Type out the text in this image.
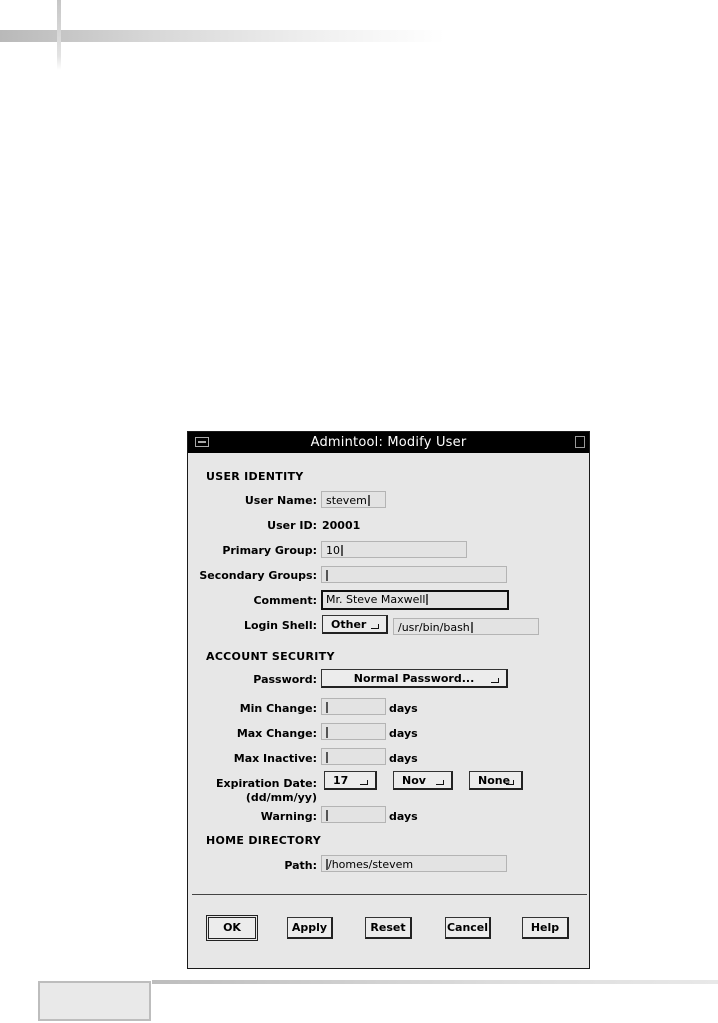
Admintool: Modify User
USER IDENTITY
User Name: stevem
User ID: 20001
Primary Group: 10
Secondary Groups:
Comment: Mr. Steve Maxwell
Login Shell:	Other	/usr/bin/bash
ACCOUNT SECURITY
Password:	Normal Password...
Min Change:	days
Max Change:	days
Max Inactive:	days
Expiration Date:
(dd/mm/yy)
17	Nov	None
Warning:	days
HOME DIRECTORY
Path:	/homes/stevem
OK	Apply	Reset	Cancel	Help
